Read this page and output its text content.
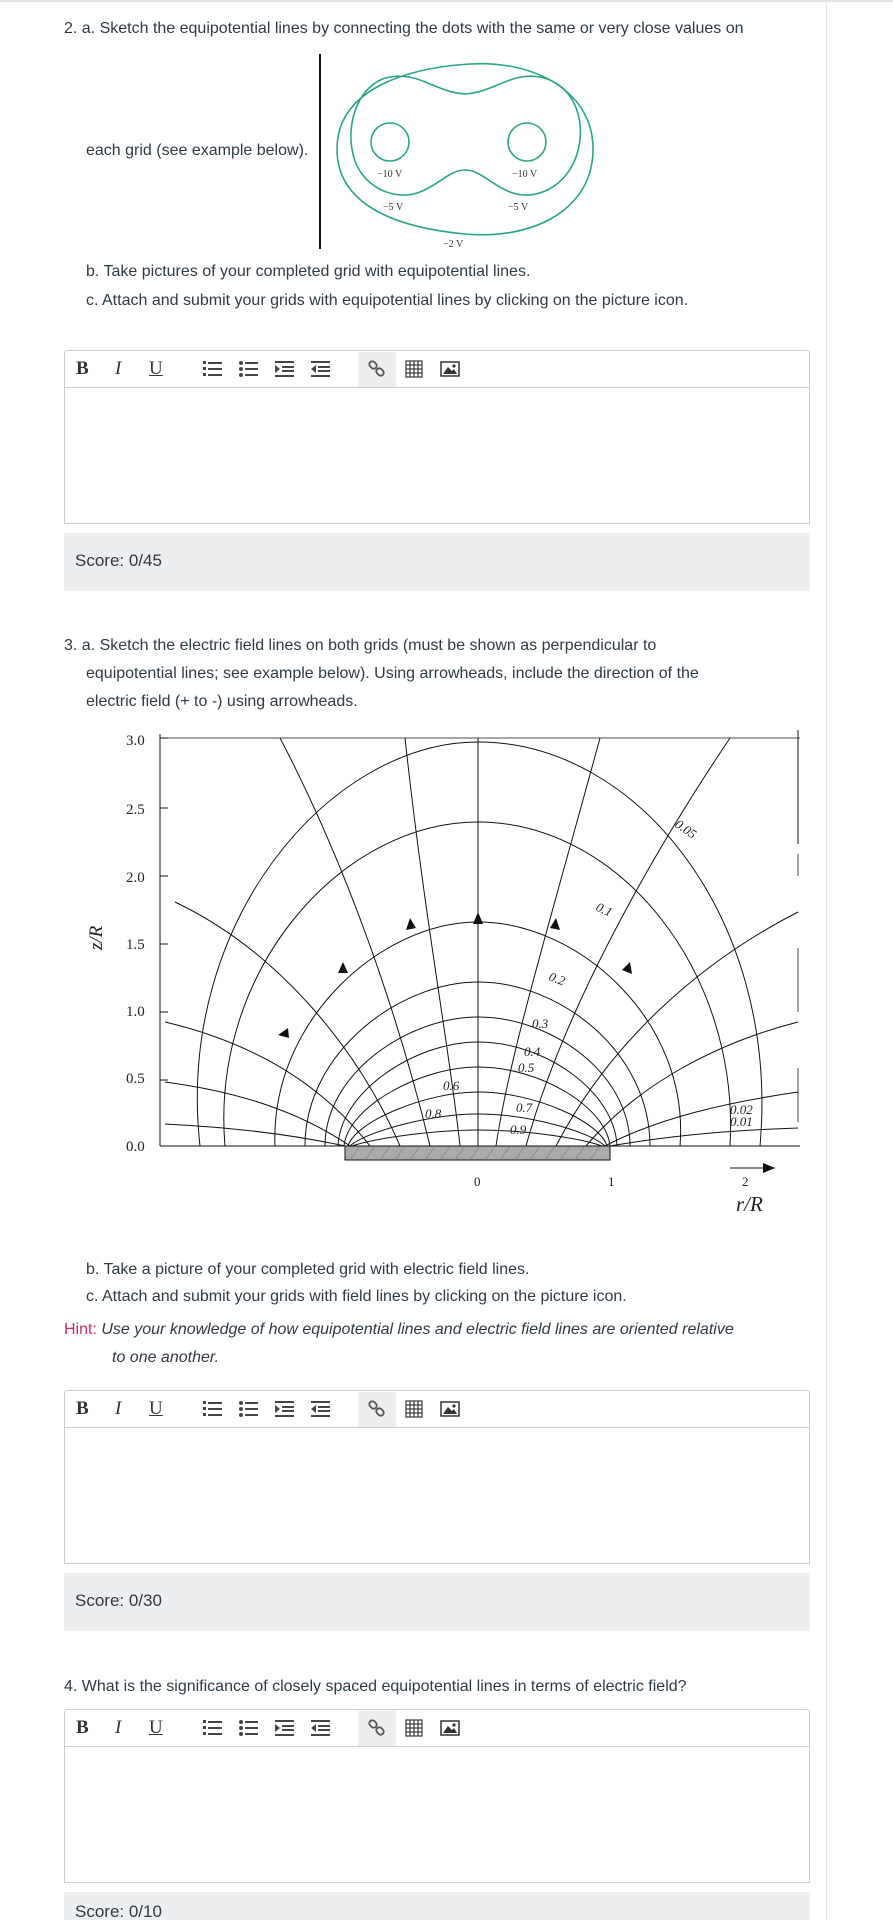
2. a. Sketch the equipotential lines by connecting the dots with the same or very close values on
each grid (see example below).
−10 V	−10 V
−5 V	−5 V
−2 V
b. Take pictures of your completed grid with equipotential lines.
c. Attach and submit your grids with equipotential lines by clicking on the picture icon.
B I U
Score: 0/45
3. a. Sketch the electric field lines on both grids (must be shown as perpendicular to
equipotential lines; see example below). Using arrowheads, include the direction of the
electric field (+ to -) using arrowheads.
3.0
2.5
2.0
1.5
1.0
0.5
0.0
z/R
0.05
0.1
0.2
0.3
0.4
0.5
0.6
0.7
0.8
0.9
0.02
0.01
0	1	2
r/R
b. Take a picture of your completed grid with electric field lines.
c. Attach and submit your grids with field lines by clicking on the picture icon.
Hint: Use your knowledge of how equipotential lines and electric field lines are oriented relative
to one another.
B I U
Score: 0/30
4. What is the significance of closely spaced equipotential lines in terms of electric field?
B I U
Score: 0/10
